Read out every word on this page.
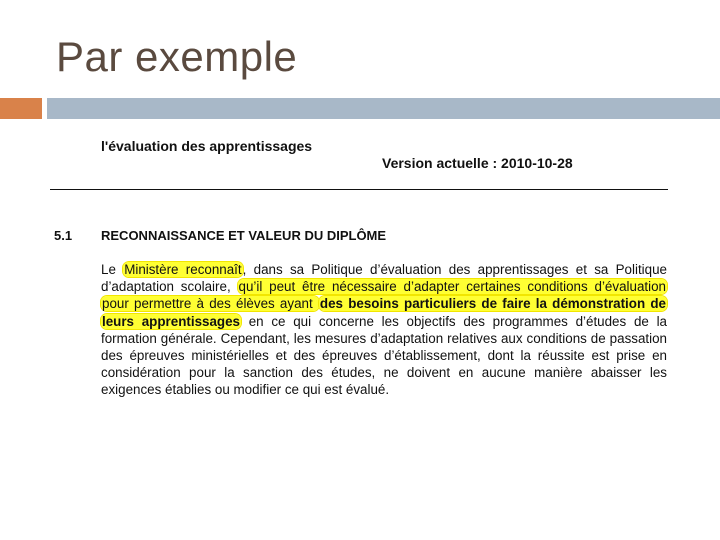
Par exemple
l'évaluation des apprentissages
Version actuelle : 2010-10-28
5.1 RECONNAISSANCE ET VALEUR DU DIPLÔME
Le Ministère reconnaît, dans sa Politique d’évaluation des apprentissages et sa Politique d’adaptation scolaire, qu’il peut être nécessaire d’adapter certaines conditions d’évaluation pour permettre à des élèves ayant des besoins particuliers de faire la démonstration de leurs apprentissages en ce qui concerne les objectifs des programmes d’études de la formation générale. Cependant, les mesures d’adaptation relatives aux conditions de passation des épreuves ministérielles et des épreuves d’établissement, dont la réussite est prise en considération pour la sanction des études, ne doivent en aucune manière abaisser les exigences établies ou modifier ce qui est évalué.
